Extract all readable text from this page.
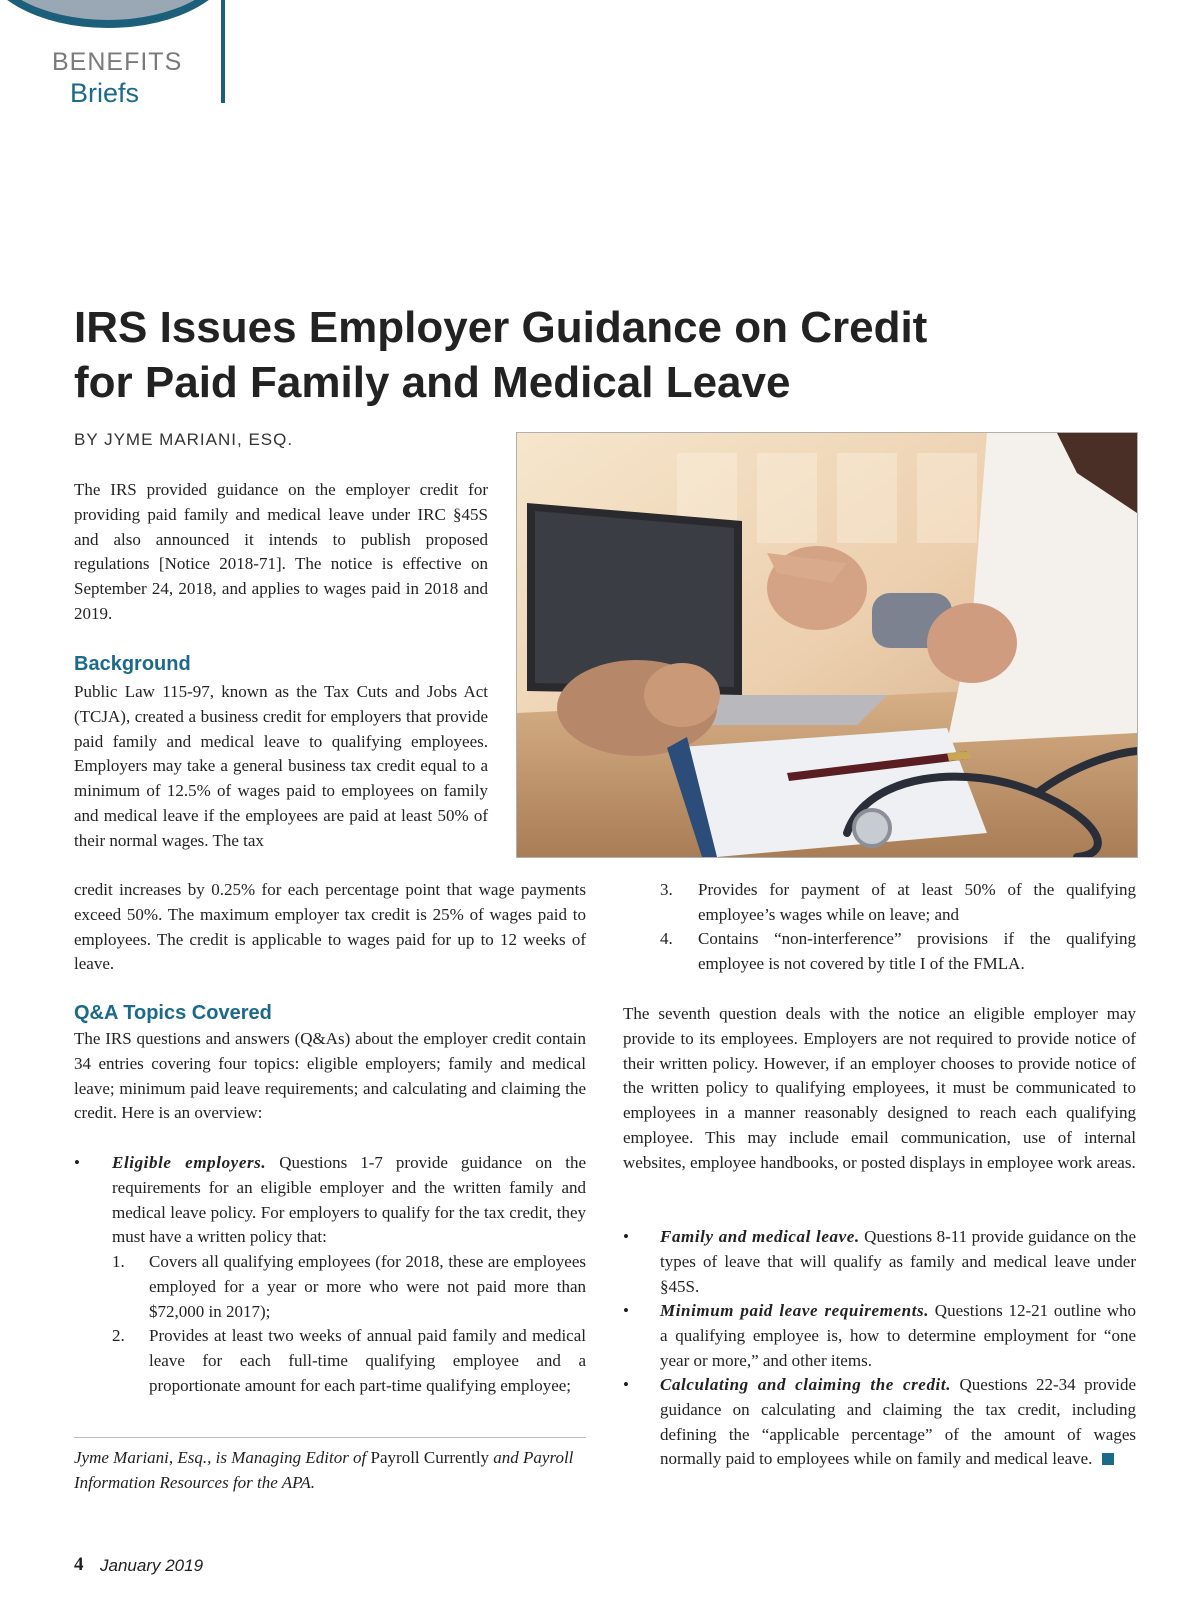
BENEFITS
Briefs
IRS Issues Employer Guidance on Credit
for Paid Family and Medical Leave
BY JYME MARIANI, ESQ.

The IRS provided guidance on the employer credit for providing paid family and medical leave under IRC §45S and also announced it intends to publish proposed regulations [Notice 2018-71]. The notice is effective on September 24, 2018, and applies to wages paid in 2018 and 2019.

Background

Public Law 115-97, known as the Tax Cuts and Jobs Act (TCJA), created a business credit for employers that provide paid family and medical leave to qualifying employees. Employers may take a general business tax credit equal to a minimum of 12.5% of wages paid to employees on family and medical leave if the employees are paid at least 50% of their normal wages. The tax

credit increases by 0.25% for each percentage point that wage payments exceed 50%. The maximum employer tax credit is 25% of wages paid to employees. The credit is applicable to wages paid for up to 12 weeks of leave.

Q&A Topics Covered

The IRS questions and answers (Q&As) about the employer credit contain 34 entries covering four topics: eligible employers; family and medical leave; minimum paid leave requirements; and calculating and claiming the credit. Here is an overview:

• Eligible employers. Questions 1-7 provide guidance on the requirements for an eligible employer and the written family and medical leave policy. For employers to qualify for the tax credit, they must have a written policy that:

1. Covers all qualifying employees (for 2018, these are employees employed for a year or more who were not paid more than $72,000 in 2017);

2. Provides at least two weeks of annual paid family and medical leave for each full-time qualifying employee and a proportionate amount for each part-time qualifying employee;

Jyme Mariani, Esq., is Managing Editor of Payroll Currently and Payroll Information Resources for the APA.

3. Provides for payment of at least 50% of the qualifying employee’s wages while on leave; and

4. Contains “non-interference” provisions if the qualifying employee is not covered by title I of the FMLA.

The seventh question deals with the notice an eligible employer may provide to its employees. Employers are not required to provide notice of their written policy. However, if an employer chooses to provide notice of the written policy to qualifying employees, it must be communicated to employees in a manner reasonably designed to reach each qualifying employee. This may include email communication, use of internal websites, employee handbooks, or posted displays in employee work areas.

• Family and medical leave. Questions 8-11 provide guidance on the types of leave that will qualify as family and medical leave under §45S.

• Minimum paid leave requirements. Questions 12-21 outline who a qualifying employee is, how to determine employment for “one year or more,” and other items.

• Calculating and claiming the credit. Questions 22-34 provide guidance on calculating and claiming the tax credit, including defining the “applicable percentage” of the amount of wages normally paid to employees while on family and medical leave.

4 January 2019
